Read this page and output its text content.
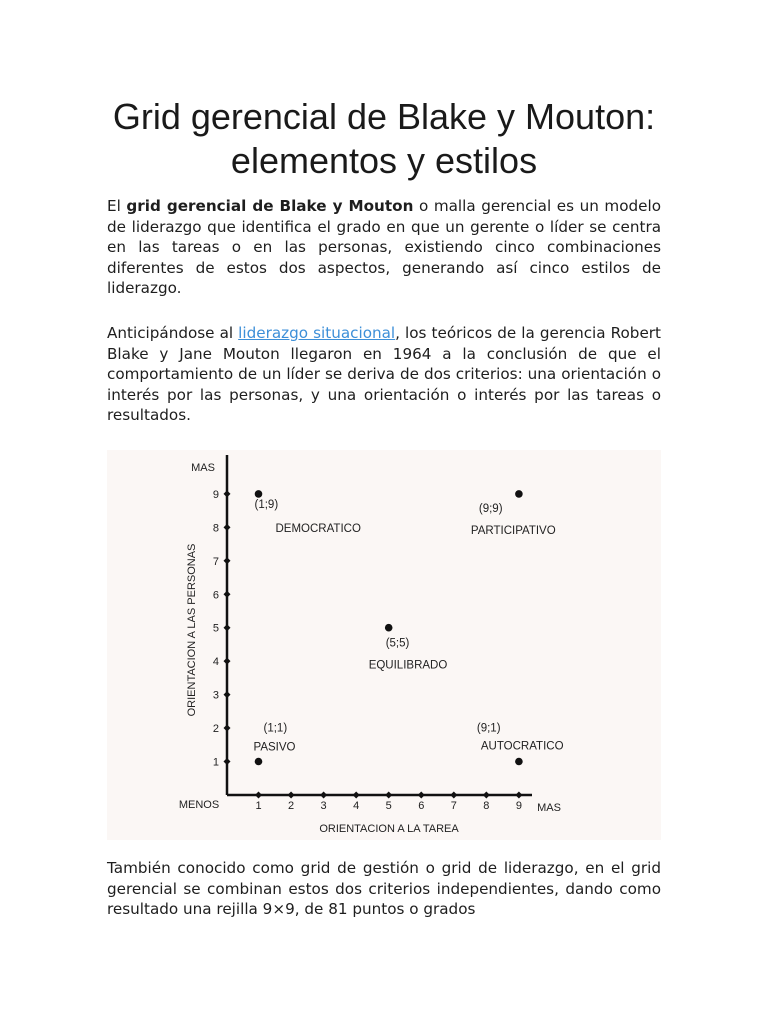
Grid gerencial de Blake y Mouton: elementos y estilos

El grid gerencial de Blake y Mouton o malla gerencial es un modelo de liderazgo que identifica el grado en que un gerente o líder se centra en las tareas o en las personas, existiendo cinco combinaciones diferentes de estos dos aspectos, generando así cinco estilos de liderazgo.

Anticipándose al liderazgo situacional, los teóricos de la gerencia Robert Blake y Jane Mouton llegaron en 1964 a la conclusión de que el comportamiento de un líder se deriva de dos criterios: una orientación o interés por las personas, y una orientación o interés por las tareas o resultados.

1
2
3
4
5
6
7
8
9
1 2 3 4 5 6 7 8 9
MAS
MAS
MENOS
ORIENTACION A LA TAREA
ORIENTACION A LAS PERSONAS
(1;9)
DEMOCRATICO
(9;9)
PARTICIPATIVO
(5;5)
EQUILIBRADO
(1;1)
PASIVO
(9;1)
AUTOCRATICO

También conocido como grid de gestión o grid de liderazgo, en el grid gerencial se combinan estos dos criterios independientes, dando como resultado una rejilla 9×9, de 81 puntos o grados
